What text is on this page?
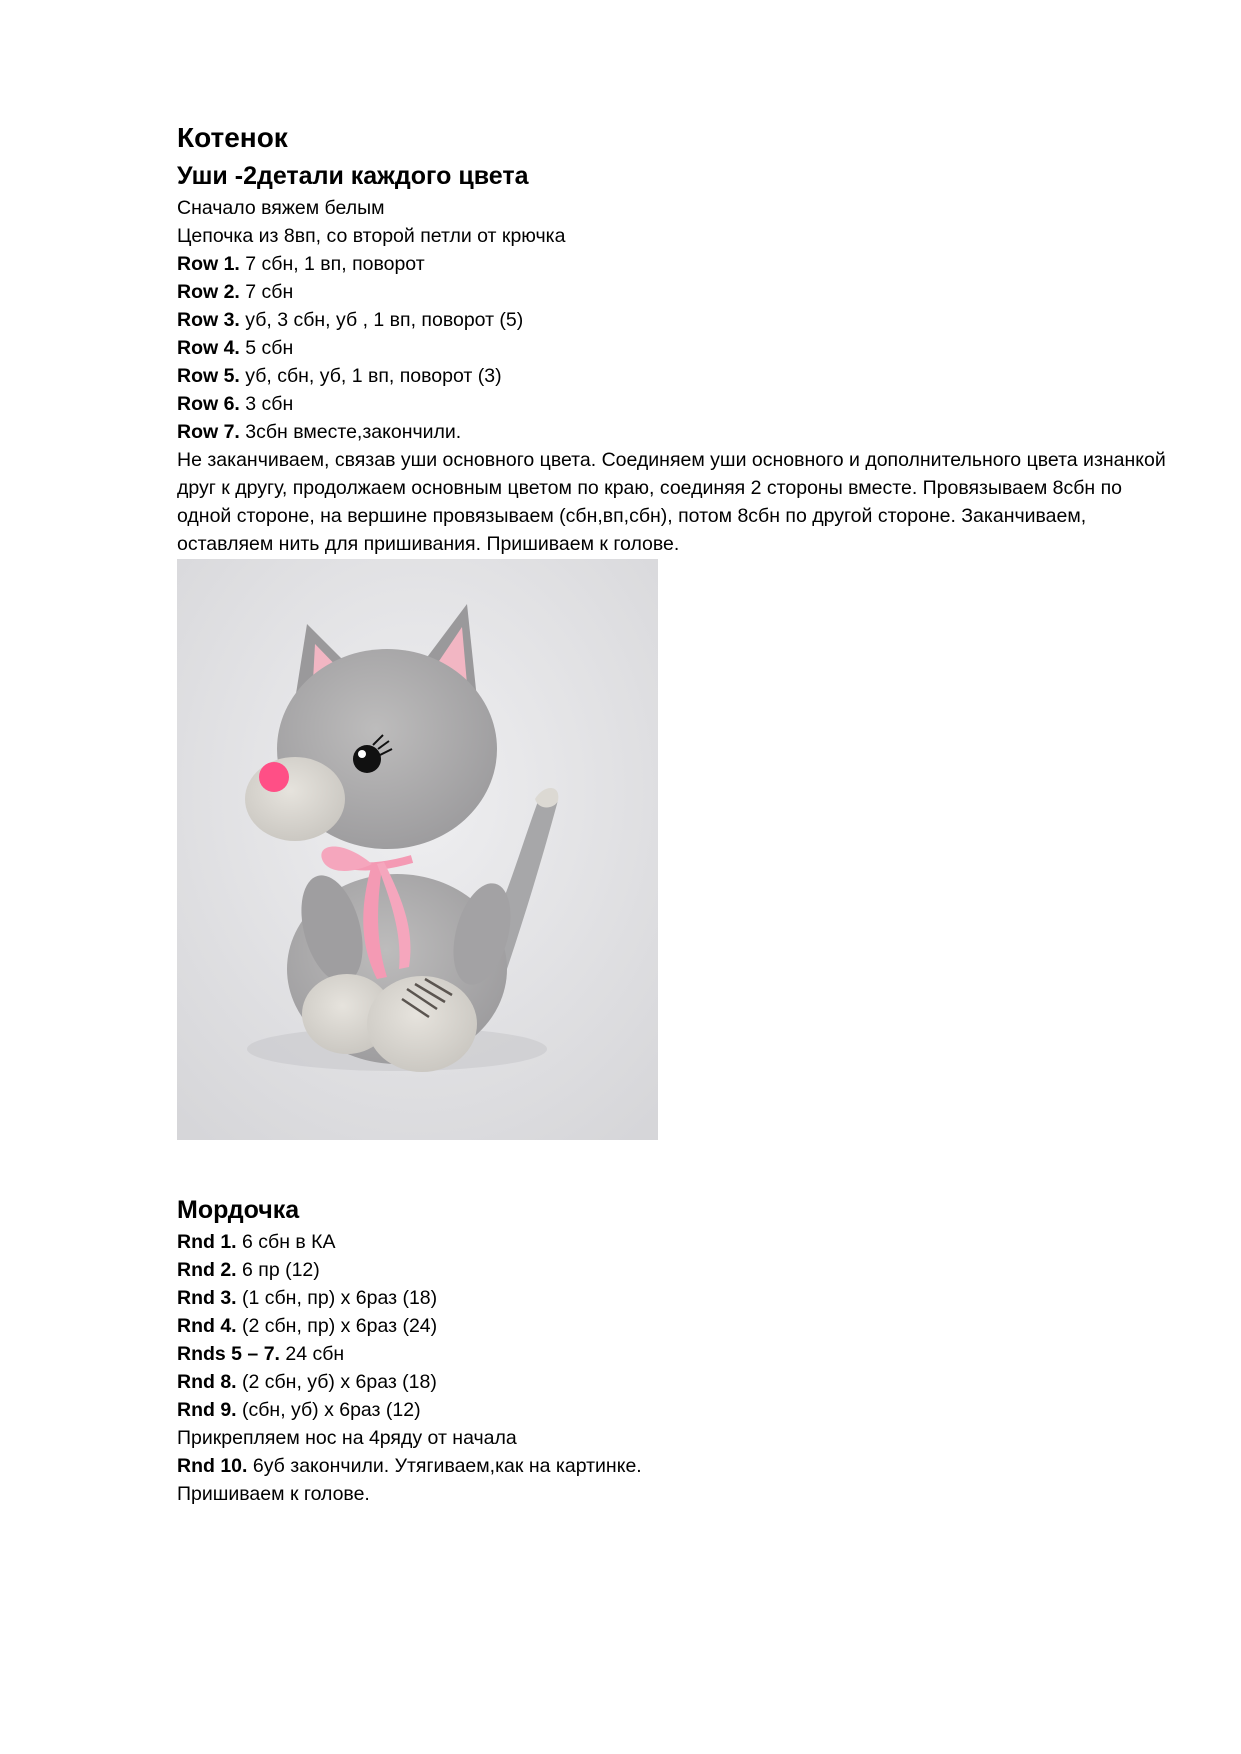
Котенок
Уши -2детали каждого цвета

Сначало вяжем белым

Цепочка из 8вп, со второй петли от крючка

Row 1. 7 сбн, 1 вп, поворот

Row 2. 7 сбн

Row 3. уб, 3 сбн, уб , 1 вп, поворот (5)

Row 4. 5 сбн

Row 5. уб, сбн, уб, 1 вп, поворот (3)

Row 6. 3 сбн

Row 7. 3сбн вместе,закончили.

Не заканчиваем, связав уши основного цвета. Соединяем уши основного и дополнительного цвета изнанкой друг к другу, продолжаем основным цветом по краю, соединяя 2 стороны вместе. Провязываем 8сбн по одной стороне, на вершине провязываем (сбн,вп,сбн), потом 8сбн по другой стороне. Заканчиваем, оставляем нить для пришивания. Пришиваем к голове.

Мордочка

Rnd 1. 6 сбн в КА

Rnd 2. 6 пр (12)

Rnd 3. (1 сбн, пр) х 6раз (18)

Rnd 4. (2 сбн, пр) х 6раз (24)

Rnds 5 – 7. 24 сбн

Rnd 8. (2 сбн, уб) х 6раз (18)

Rnd 9. (сбн, уб) х 6раз (12)

Прикрепляем нос на 4ряду от начала

Rnd 10. 6уб закончили. Утягиваем,как на картинке.

Пришиваем к голове.
